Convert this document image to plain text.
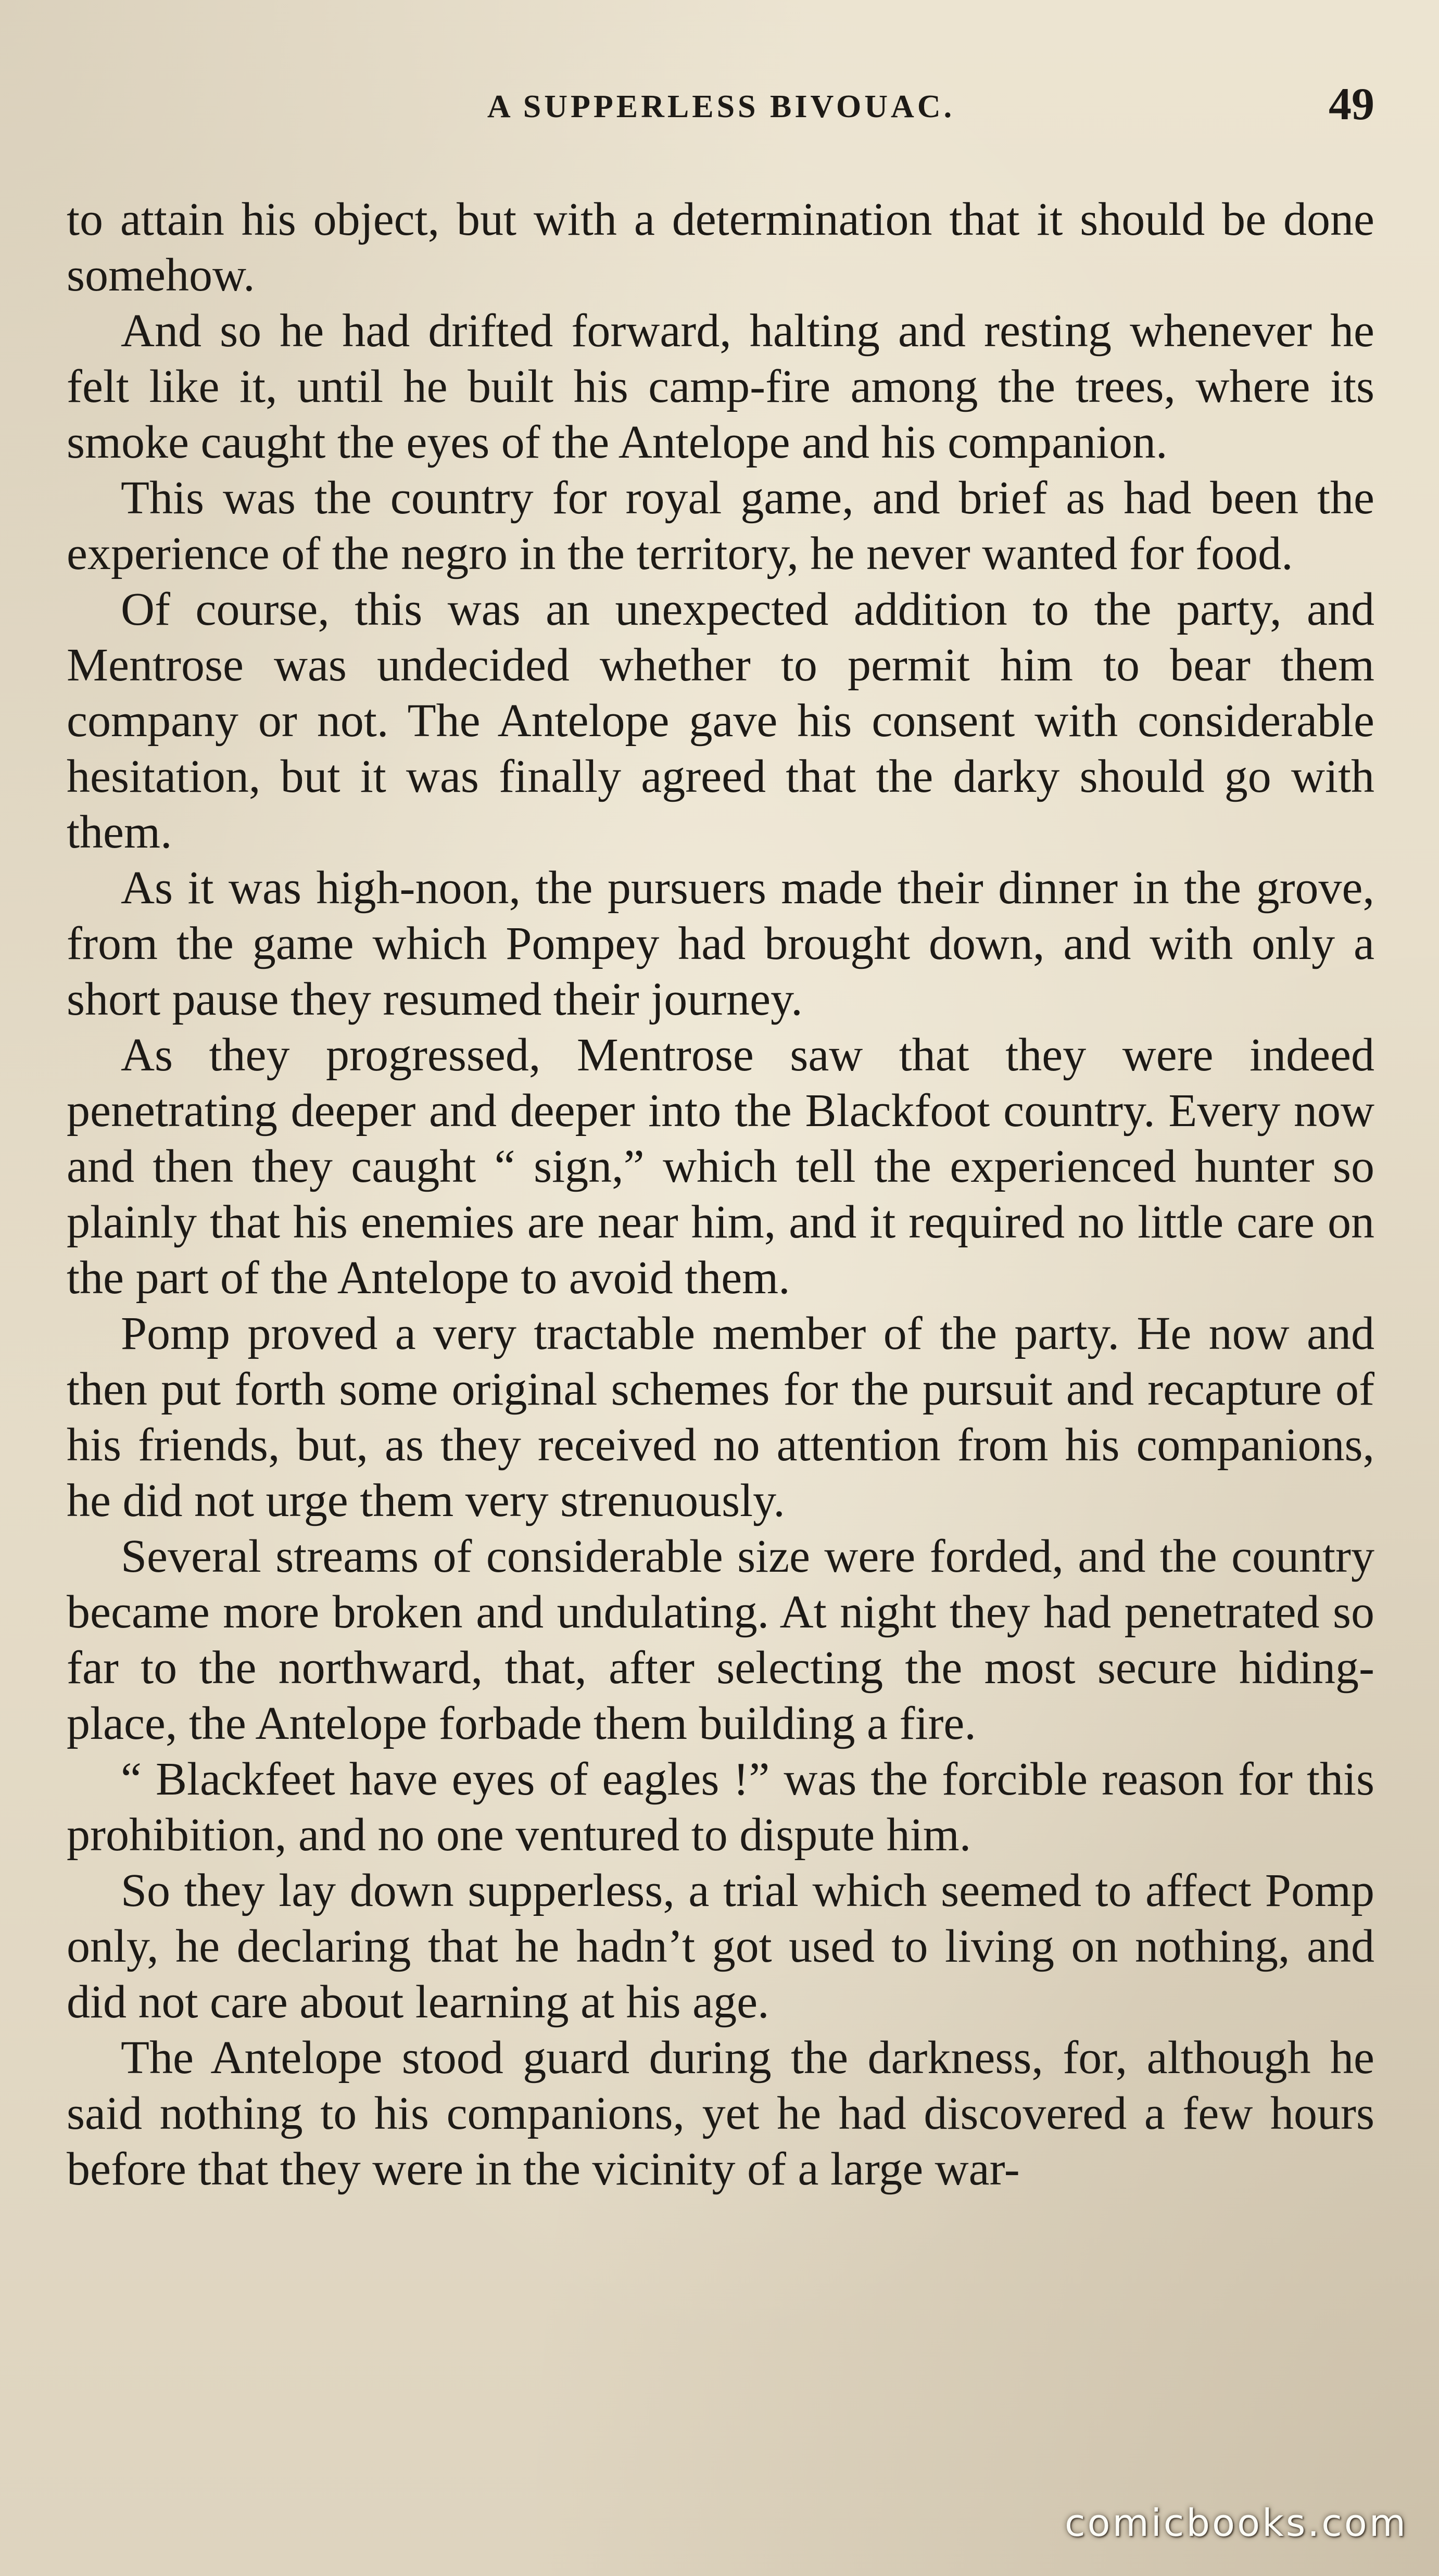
A SUPPERLESS BIVOUAC.	49

to attain his object, but with a determination that it should be done somehow.

And so he had drifted forward, halting and resting whenever he felt like it, until he built his camp-fire among the trees, where its smoke caught the eyes of the Antelope and his companion.

This was the country for royal game, and brief as had been the experience of the negro in the territory, he never wanted for food.

Of course, this was an unexpected addition to the party, and Mentrose was undecided whether to permit him to bear them company or not. The Antelope gave his consent with considerable hesitation, but it was finally agreed that the darky should go with them.

As it was high-noon, the pursuers made their dinner in the grove, from the game which Pompey had brought down, and with only a short pause they resumed their journey.

As they progressed, Mentrose saw that they were indeed penetrating deeper and deeper into the Blackfoot country. Every now and then they caught “ sign,” which tell the experienced hunter so plainly that his enemies are near him, and it required no little care on the part of the Antelope to avoid them.

Pomp proved a very tractable member of the party. He now and then put forth some original schemes for the pursuit and recapture of his friends, but, as they received no attention from his companions, he did not urge them very strenuously.

Several streams of considerable size were forded, and the country became more broken and undulating. At night they had penetrated so far to the northward, that, after selecting the most secure hiding-place, the Antelope forbade them building a fire.

“ Blackfeet have eyes of eagles !” was the forcible reason for this prohibition, and no one ventured to dispute him.

So they lay down supperless, a trial which seemed to affect Pomp only, he declaring that he hadn’t got used to living on nothing, and did not care about learning at his age.

The Antelope stood guard during the darkness, for, although he said nothing to his companions, yet he had discovered a few hours before that they were in the vicinity of a large war-

comicbooks.com
